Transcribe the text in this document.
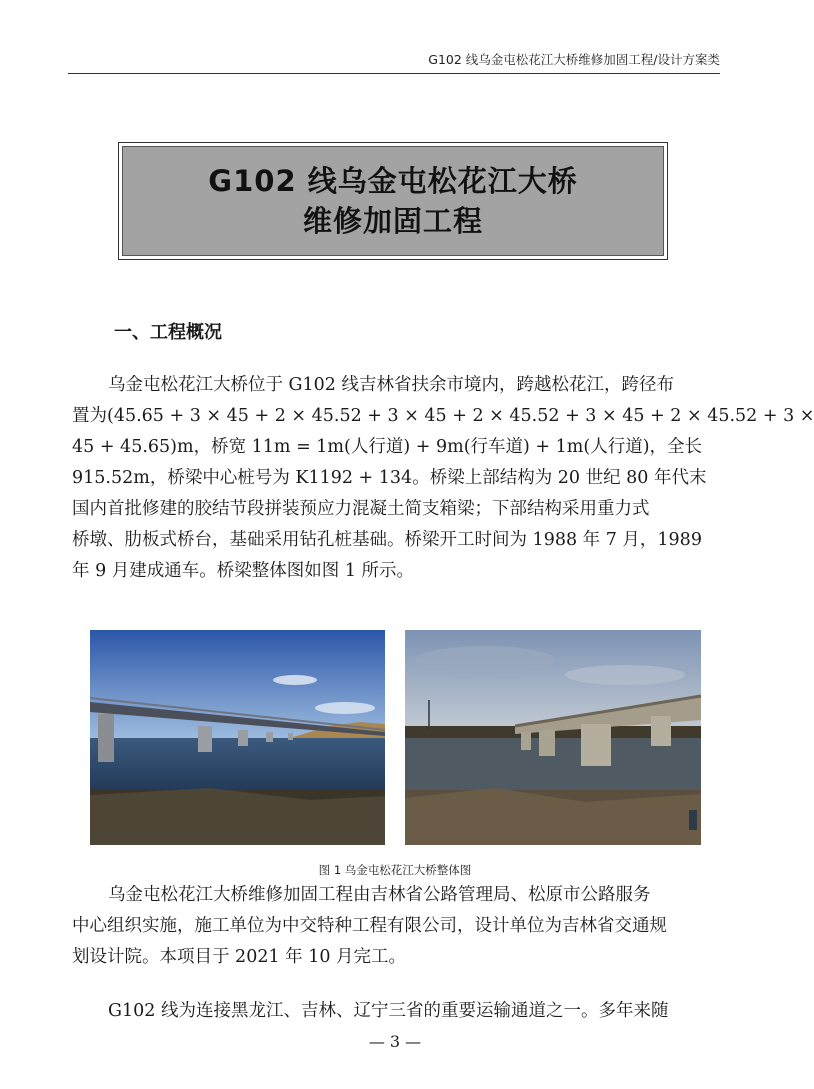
G102 线乌金屯松花江大桥维修加固工程/设计方案类
G102 线乌金屯松花江大桥
维修加固工程
一、工程概况
乌金屯松花江大桥位于 G102 线吉林省扶余市境内，跨越松花江，跨径布
置为(45.65 + 3 × 45 + 2 × 45.52 + 3 × 45 + 2 × 45.52 + 3 × 45 + 2 × 45.52 + 3 ×
45 + 45.65)m，桥宽 11m = 1m(人行道) + 9m(行车道) + 1m(人行道)，全长
915.52m，桥梁中心桩号为 K1192 + 134。桥梁上部结构为 20 世纪 80 年代末
国内首批修建的胶结节段拼装预应力混凝土简支箱梁；下部结构采用重力式
桥墩、肋板式桥台，基础采用钻孔桩基础。桥梁开工时间为 1988 年 7 月，1989
年 9 月建成通车。桥梁整体图如图 1 所示。
图 1 乌金屯松花江大桥整体图
乌金屯松花江大桥维修加固工程由吉林省公路管理局、松原市公路服务
中心组织实施，施工单位为中交特种工程有限公司，设计单位为吉林省交通规
划设计院。本项目于 2021 年 10 月完工。
G102 线为连接黑龙江、吉林、辽宁三省的重要运输通道之一。多年来随
— 3 —
